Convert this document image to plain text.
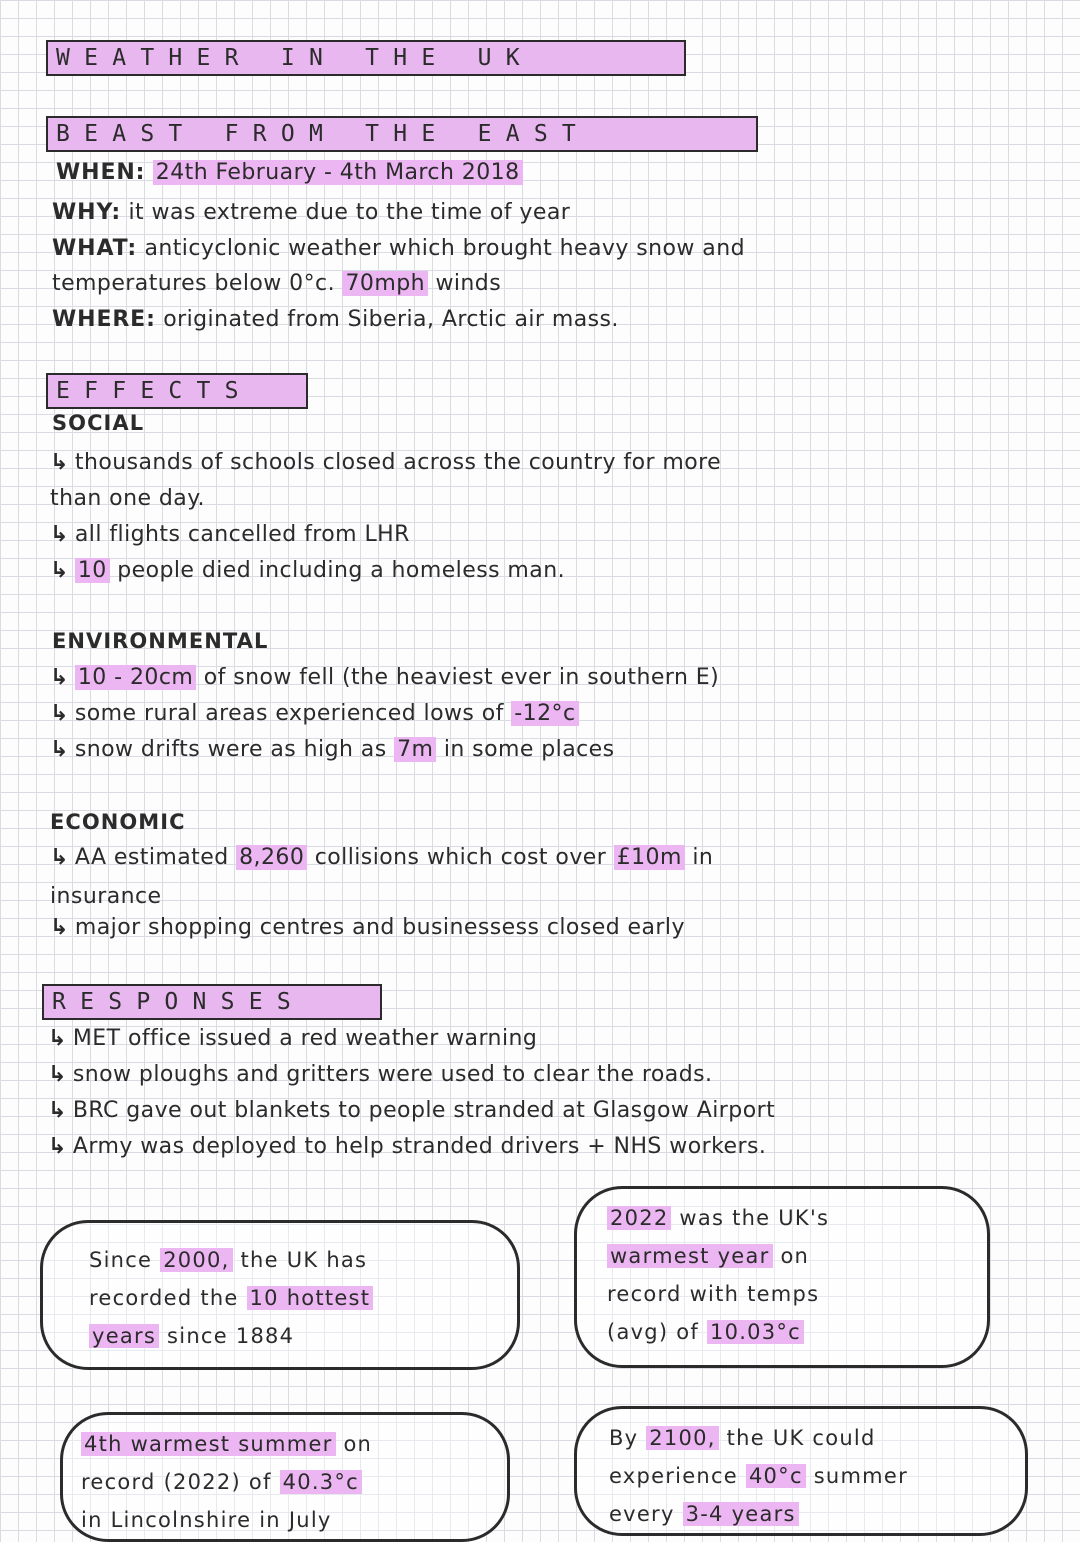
WEATHER IN THE UK
BEAST FROM THE EAST
WHEN: 24th February - 4th March 2018
WHY: it was extreme due to the time of year
WHAT: anticyclonic weather which brought heavy snow and
temperatures below 0°c. 70mph winds
WHERE: originated from Siberia, Arctic air mass.
EFFECTS
SOCIAL
↳ thousands of schools closed across the country for more
than one day.
↳ all flights cancelled from LHR
↳ 10 people died including a homeless man.
ENVIRONMENTAL
↳ 10 - 20cm of snow fell (the heaviest ever in southern E)
↳ some rural areas experienced lows of -12°c
↳ snow drifts were as high as 7m in some places
ECONOMIC
↳ AA estimated 8,260 collisions which cost over £10m in
insurance
↳ major shopping centres and businessess closed early
RESPONSES
↳ MET office issued a red weather warning
↳ snow ploughs and gritters were used to clear the roads.
↳ BRC gave out blankets to people stranded at Glasgow Airport
↳ Army was deployed to help stranded drivers + NHS workers.
Since 2000, the UK has
recorded the 10 hottest
years since 1884
2022 was the UK's
warmest year on
record with temps
(avg) of 10.03°c
4th warmest summer on
record (2022) of 40.3°c
in Lincolnshire in July
By 2100, the UK could
experience 40°c summer
every 3-4 years
